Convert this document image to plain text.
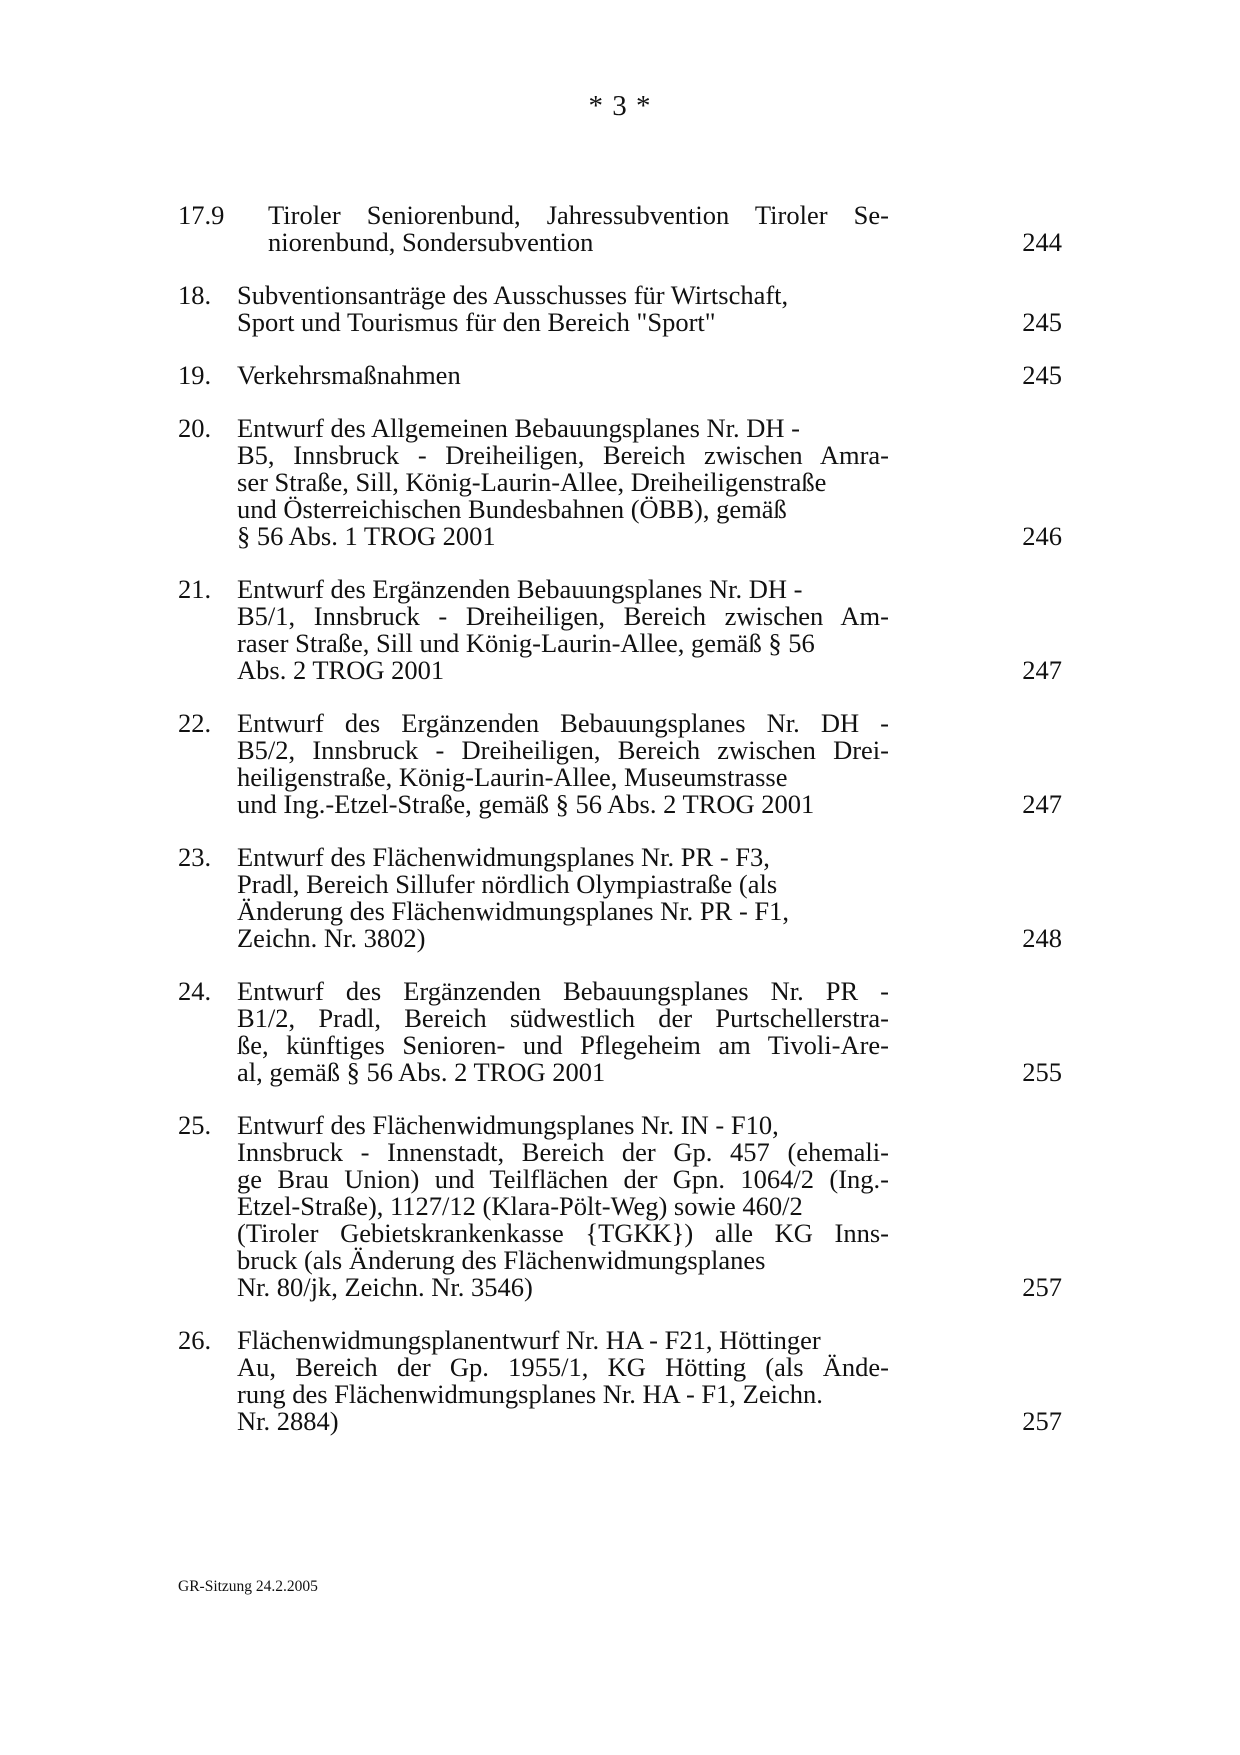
* 3 *
17.9 Tiroler Seniorenbund, Jahressubvention Tiroler Se-
niorenbund, Sondersubvention	244
18. Subventionsanträge des Ausschusses für Wirtschaft,
Sport und Tourismus für den Bereich "Sport"	245
19. Verkehrsmaßnahmen	245
20. Entwurf des Allgemeinen Bebauungsplanes Nr. DH -
B5, Innsbruck - Dreiheiligen, Bereich zwischen Amra-
ser Straße, Sill, König-Laurin-Allee, Dreiheiligenstraße
und Österreichischen Bundesbahnen (ÖBB), gemäß
§ 56 Abs. 1 TROG 2001	246
21. Entwurf des Ergänzenden Bebauungsplanes Nr. DH -
B5/1, Innsbruck - Dreiheiligen, Bereich zwischen Am-
raser Straße, Sill und König-Laurin-Allee, gemäß § 56
Abs. 2 TROG 2001	247
22. Entwurf des Ergänzenden Bebauungsplanes Nr. DH -
B5/2, Innsbruck - Dreiheiligen, Bereich zwischen Drei-
heiligenstraße, König-Laurin-Allee, Museumstrasse
und Ing.-Etzel-Straße, gemäß § 56 Abs. 2 TROG 2001	247
23. Entwurf des Flächenwidmungsplanes Nr. PR - F3,
Pradl, Bereich Sillufer nördlich Olympiastraße (als
Änderung des Flächenwidmungsplanes Nr. PR - F1,
Zeichn. Nr. 3802)	248
24. Entwurf des Ergänzenden Bebauungsplanes Nr. PR -
B1/2, Pradl, Bereich südwestlich der Purtschellerstra-
ße, künftiges Senioren- und Pflegeheim am Tivoli-Are-
al, gemäß § 56 Abs. 2 TROG 2001	255
25. Entwurf des Flächenwidmungsplanes Nr. IN - F10,
Innsbruck - Innenstadt, Bereich der Gp. 457 (ehemali-
ge Brau Union) und Teilflächen der Gpn. 1064/2 (Ing.-
Etzel-Straße), 1127/12 (Klara-Pölt-Weg) sowie 460/2
(Tiroler Gebietskrankenkasse {TGKK}) alle KG Inns-
bruck (als Änderung des Flächenwidmungsplanes
Nr. 80/jk, Zeichn. Nr. 3546)	257
26. Flächenwidmungsplanentwurf Nr. HA - F21, Höttinger
Au, Bereich der Gp. 1955/1, KG Hötting (als Ände-
rung des Flächenwidmungsplanes Nr. HA - F1, Zeichn.
Nr. 2884)	257
GR-Sitzung 24.2.2005
